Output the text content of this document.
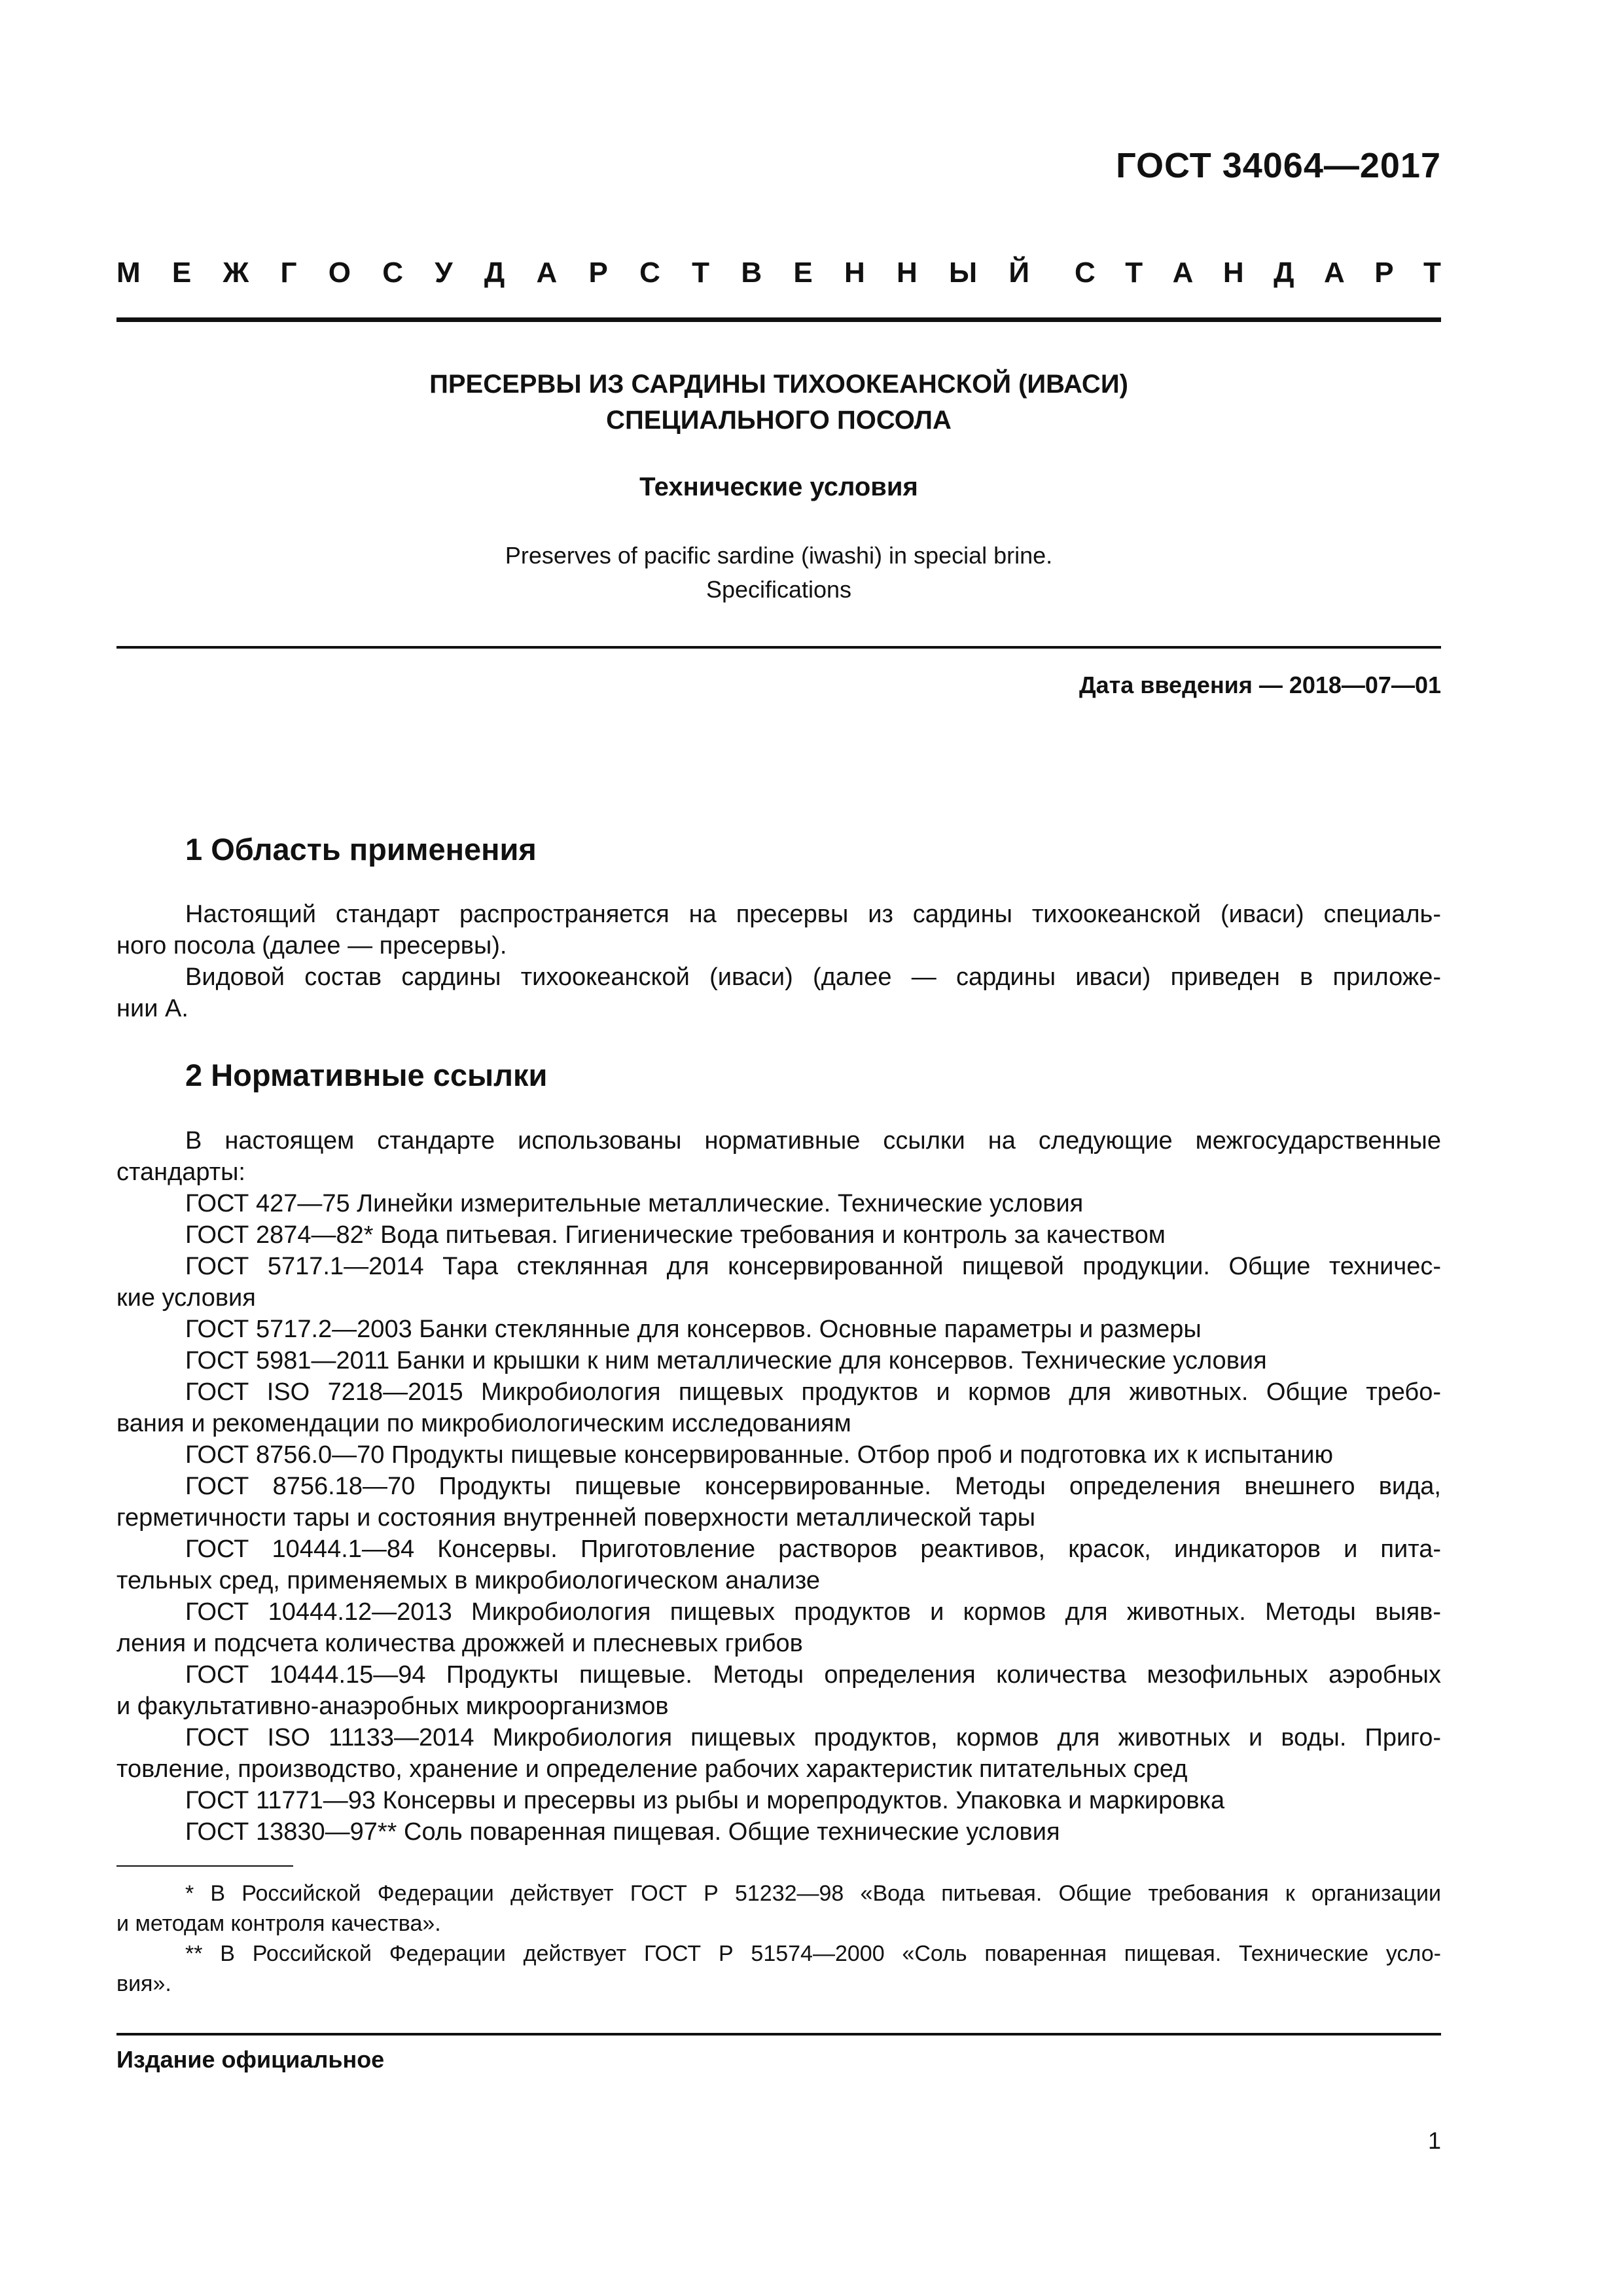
ГОСТ 34064—2017
М Е Ж Г О С У Д А Р С Т В Е Н Н Ы Й С Т А Н Д А Р Т
ПРЕСЕРВЫ ИЗ САРДИНЫ ТИХООКЕАНСКОЙ (ИВАСИ)
СПЕЦИАЛЬНОГО ПОСОЛА
Технические условия
Preserves of pacific sardine (iwashi) in special brine.
Specifications
Дата введения — 2018—07—01
1 Область применения
Настоящий стандарт распространяется на пресервы из сардины тихоокеанской (иваси) специаль-
ного посола (далее — пресервы).
Видовой состав сардины тихоокеанской (иваси) (далее — сардины иваси) приведен в приложе-
нии А.
2 Нормативные ссылки
В настоящем стандарте использованы нормативные ссылки на следующие межгосударственные
стандарты:
ГОСТ 427—75 Линейки измерительные металлические. Технические условия
ГОСТ 2874—82* Вода питьевая. Гигиенические требования и контроль за качеством
ГОСТ 5717.1—2014 Тара стеклянная для консервированной пищевой продукции. Общие техничес-
кие условия
ГОСТ 5717.2—2003 Банки стеклянные для консервов. Основные параметры и размеры
ГОСТ 5981—2011 Банки и крышки к ним металлические для консервов. Технические условия
ГОСТ ISO 7218—2015 Микробиология пищевых продуктов и кормов для животных. Общие требо-
вания и рекомендации по микробиологическим исследованиям
ГОСТ 8756.0—70 Продукты пищевые консервированные. Отбор проб и подготовка их к испытанию
ГОСТ 8756.18—70 Продукты пищевые консервированные. Методы определения внешнего вида,
герметичности тары и состояния внутренней поверхности металлической тары
ГОСТ 10444.1—84 Консервы. Приготовление растворов реактивов, красок, индикаторов и пита-
тельных сред, применяемых в микробиологическом анализе
ГОСТ 10444.12—2013 Микробиология пищевых продуктов и кормов для животных. Методы выяв-
ления и подсчета количества дрожжей и плесневых грибов
ГОСТ 10444.15—94 Продукты пищевые. Методы определения количества мезофильных аэробных
и факультативно-анаэробных микроорганизмов
ГОСТ ISO 11133—2014 Микробиология пищевых продуктов, кормов для животных и воды. Приго-
товление, производство, хранение и определение рабочих характеристик питательных сред
ГОСТ 11771—93 Консервы и пресервы из рыбы и морепродуктов. Упаковка и маркировка
ГОСТ 13830—97** Соль поваренная пищевая. Общие технические условия
* В Российской Федерации действует ГОСТ Р 51232—98 «Вода питьевая. Общие требования к организации
и методам контроля качества».
** В Российской Федерации действует ГОСТ Р 51574—2000 «Соль поваренная пищевая. Технические усло-
вия».
Издание официальное
1
